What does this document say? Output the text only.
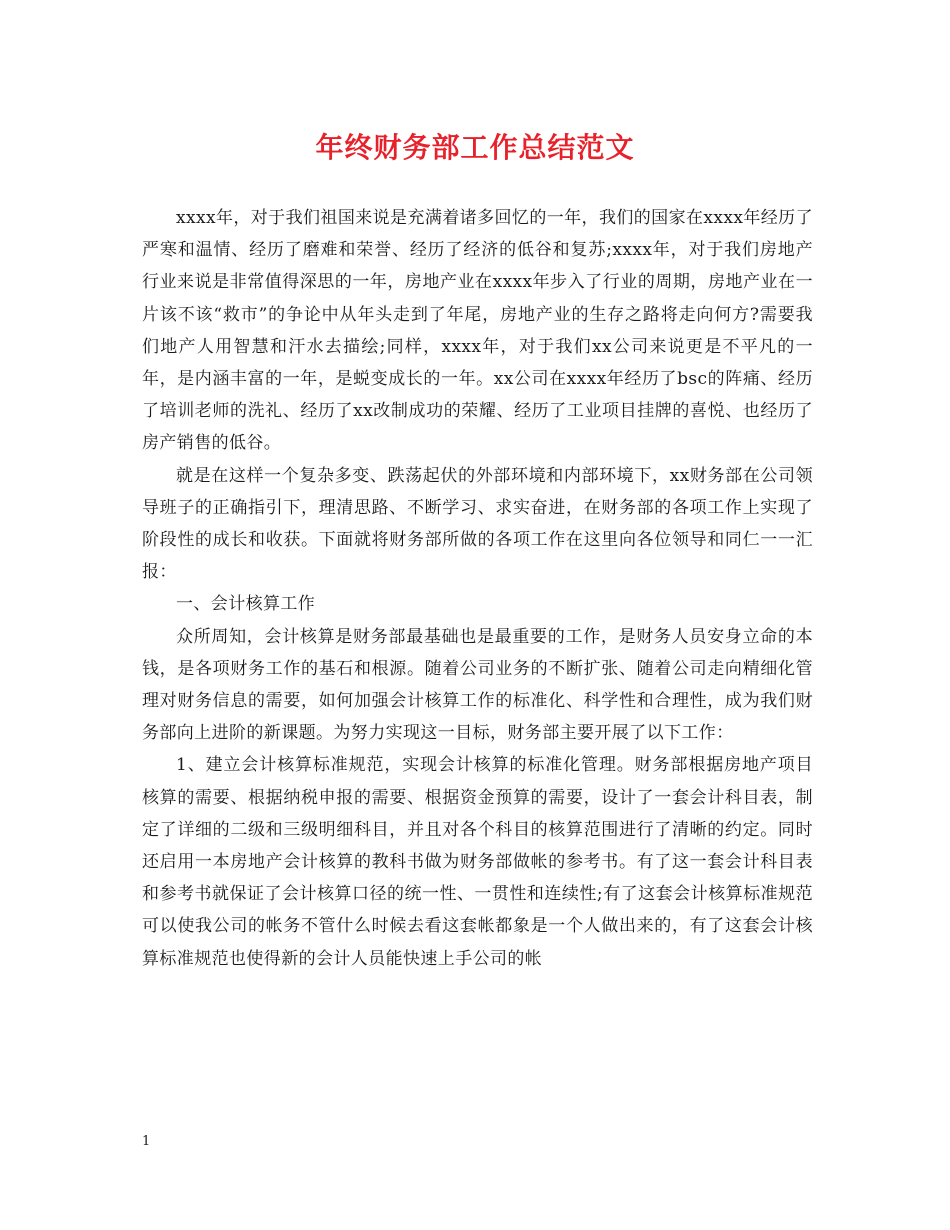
年终财务部工作总结范文

xxxx年，对于我们祖国来说是充满着诸多回忆的一年，我们的国家在xxxx年经历了严寒和温情、经历了磨难和荣誉、经历了经济的低谷和复苏;xxxx年，对于我们房地产行业来说是非常值得深思的一年，房地产业在xxxx年步入了行业的周期，房地产业在一片该不该“救市”的争论中从年头走到了年尾，房地产业的生存之路将走向何方?需要我们地产人用智慧和汗水去描绘;同样，xxxx年，对于我们xx公司来说更是不平凡的一年，是内涵丰富的一年，是蜕变成长的一年。xx公司在xxxx年经历了bsc的阵痛、经历了培训老师的洗礼、经历了xx改制成功的荣耀、经历了工业项目挂牌的喜悦、也经历了房产销售的低谷。

就是在这样一个复杂多变、跌荡起伏的外部环境和内部环境下，xx财务部在公司领导班子的正确指引下，理清思路、不断学习、求实奋进，在财务部的各项工作上实现了阶段性的成长和收获。下面就将财务部所做的各项工作在这里向各位领导和同仁一一汇报：

一、会计核算工作

众所周知，会计核算是财务部最基础也是最重要的工作，是财务人员安身立命的本钱，是各项财务工作的基石和根源。随着公司业务的不断扩张、随着公司走向精细化管理对财务信息的需要，如何加强会计核算工作的标准化、科学性和合理性，成为我们财务部向上进阶的新课题。为努力实现这一目标，财务部主要开展了以下工作：

1、建立会计核算标准规范，实现会计核算的标准化管理。财务部根据房地产项目核算的需要、根据纳税申报的需要、根据资金预算的需要，设计了一套会计科目表，制定了详细的二级和三级明细科目，并且对各个科目的核算范围进行了清晰的约定。同时还启用一本房地产会计核算的教科书做为财务部做帐的参考书。有了这一套会计科目表和参考书就保证了会计核算口径的统一性、一贯性和连续性;有了这套会计核算标准规范可以使我公司的帐务不管什么时候去看这套帐都象是一个人做出来的，有了这套会计核算标准规范也使得新的会计人员能快速上手公司的帐

1
